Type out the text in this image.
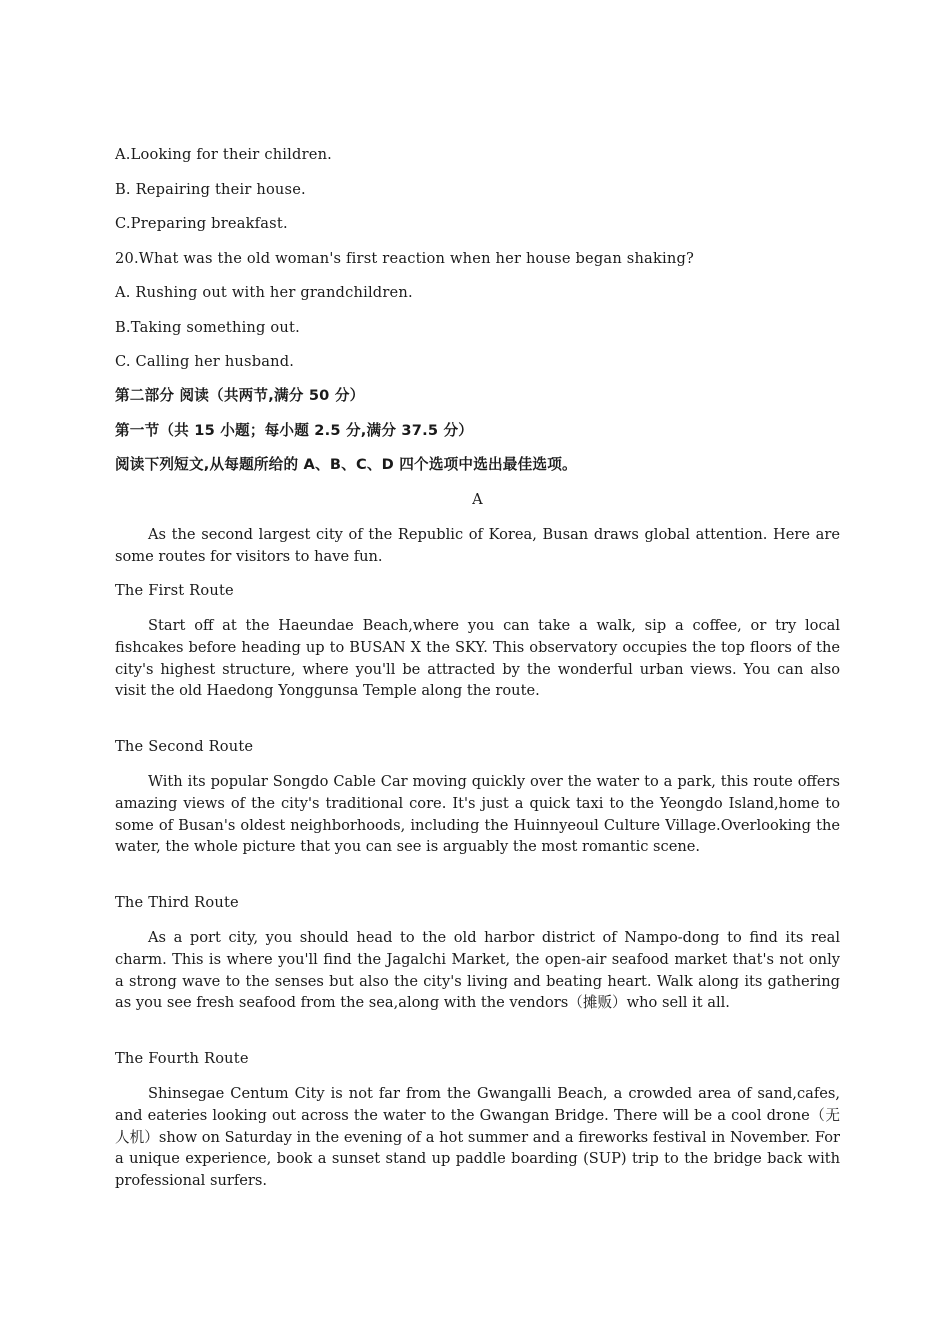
A.Looking for their children.
B. Repairing their house.
C.Preparing breakfast.
20.What was the old woman's first reaction when her house began shaking?
A. Rushing out with her grandchildren.
B.Taking something out.
C. Calling her husband.
第二部分 阅读（共两节,满分 50 分）
第一节（共 15 小题；每小题 2.5 分,满分 37.5 分）
阅读下列短文,从每题所给的 A、B、C、D 四个选项中选出最佳选项。
A
As the second largest city of the Republic of Korea, Busan draws global attention. Here are some routes for visitors to have fun.
The First Route
Start off at the Haeundae Beach,where you can take a walk, sip a coffee, or try local fishcakes before heading up to BUSAN X the SKY. This observatory occupies the top floors of the city's highest structure, where you'll be attracted by the wonderful urban views. You can also visit the old Haedong Yonggunsa Temple along the route.
The Second Route
With its popular Songdo Cable Car moving quickly over the water to a park, this route offers amazing views of the city's traditional core. It's just a quick taxi to the Yeongdo Island,home to some of Busan's oldest neighborhoods, including the Huinnyeoul Culture Village.Overlooking the water, the whole picture that you can see is arguably the most romantic scene.
The Third Route
As a port city, you should head to the old harbor district of Nampo-dong to find its real charm. This is where you'll find the Jagalchi Market, the open-air seafood market that's not only a strong wave to the senses but also the city's living and beating heart. Walk along its gathering as you see fresh seafood from the sea,along with the vendors（摊贩）who sell it all.
The Fourth Route
Shinsegae Centum City is not far from the Gwangalli Beach, a crowded area of sand,cafes, and eateries looking out across the water to the Gwangan Bridge. There will be a cool drone（无人机）show on Saturday in the evening of a hot summer and a fireworks festival in November. For a unique experience, book a sunset stand up paddle boarding (SUP) trip to the bridge back with professional surfers.
